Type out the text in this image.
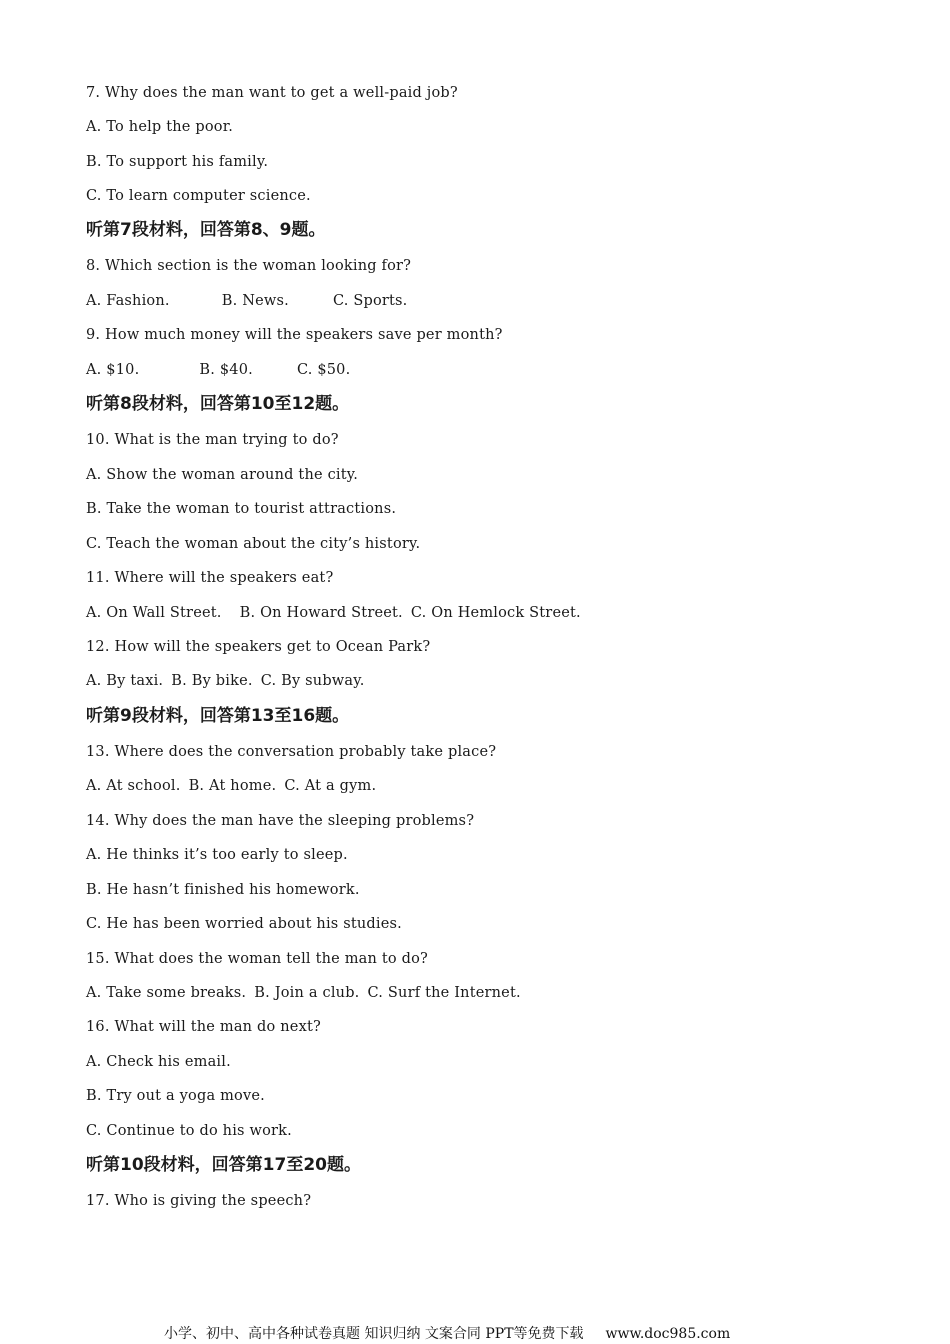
7. Why does the man want to get a well-paid job?
A. To help the poor.
B. To support his family.
C. To learn computer science.
听第7段材料，回答第8、9题。
8. Which section is the woman looking for?
A. Fashion.	B. News.	C. Sports.
9. How much money will the speakers save per month?
A. $10.	B. $40.	C. $50.
听第8段材料，回答第10至12题。
10. What is the man trying to do?
A. Show the woman around the city.
B. Take the woman to tourist attractions.
C. Teach the woman about the city’s history.
11. Where will the speakers eat?
A. On Wall Street. B. On Howard Street. C. On Hemlock Street.
12. How will the speakers get to Ocean Park?
A. By taxi. B. By bike. C. By subway.
听第9段材料，回答第13至16题。
13. Where does the conversation probably take place?
A. At school. B. At home. C. At a gym.
14. Why does the man have the sleeping problems?
A. He thinks it’s too early to sleep.
B. He hasn’t finished his homework.
C. He has been worried about his studies.
15. What does the woman tell the man to do?
A. Take some breaks. B. Join a club. C. Surf the Internet.
16. What will the man do next?
A. Check his email.
B. Try out a yoga move.
C. Continue to do his work.
听第10段材料，回答第17至20题。
17. Who is giving the speech?
小学、初中、高中各种试卷真题 知识归纳 文案合同 PPT等免费下载 www.doc985.com
